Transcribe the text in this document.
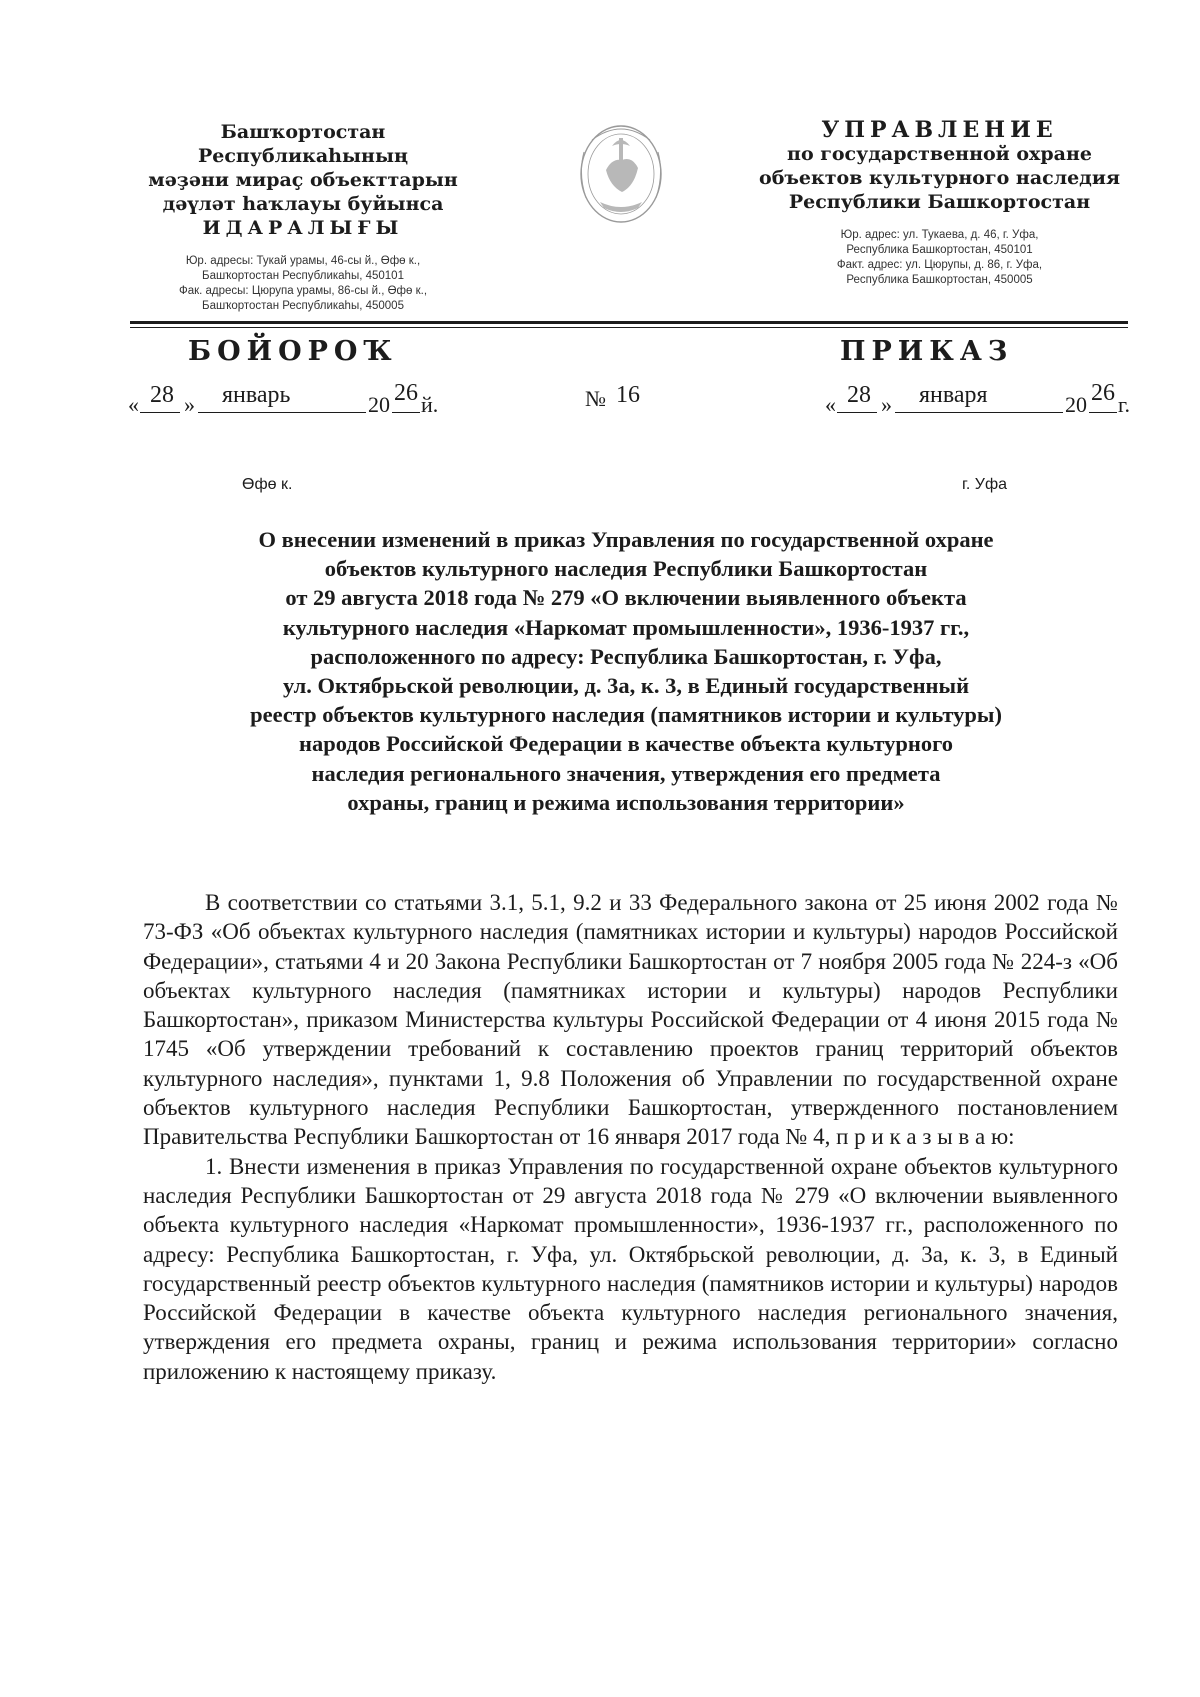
Башҡортостан Республикаһының
мәҙәни мираҫ объекттарын
дәүләт һаҡлауы буйынса
ИДАРАЛЫҒЫ
Юр. адресы: Тукай урамы, 46-сы й., Өфө к.,
Башҡортостан Республикаһы, 450101
Фак. адресы: Цюрупа урамы, 86-сы й., Өфө к.,
Башҡортостан Республикаһы, 450005
УПРАВЛЕНИЕ
по государственной охране
объектов культурного наследия
Республики Башкортостан
Юр. адрес: ул. Тукаева, д. 46, г. Уфа,
Республика Башкортостан, 450101
Факт. адрес: ул. Цюрупы, д. 86, г. Уфа,
Республика Башкортостан, 450005
БОЙОРОҠ	ПРИКАЗ
« 28 » январь	20 26 й.	№ 16	« 28 » января	20 26 г.
Өфө к.	г. Уфа
О внесении изменений в приказ Управления по государственной охране
объектов культурного наследия Республики Башкортостан
от 29 августа 2018 года № 279 «О включении выявленного объекта
культурного наследия «Наркомат промышленности», 1936-1937 гг.,
расположенного по адресу: Республика Башкортостан, г. Уфа,
ул. Октябрьской революции, д. 3а, к. 3, в Единый государственный
реестр объектов культурного наследия (памятников истории и культуры)
народов Российской Федерации в качестве объекта культурного
наследия регионального значения, утверждения его предмета
охраны, границ и режима использования территории»

В соответствии со статьями 3.1, 5.1, 9.2 и 33 Федерального закона от 25 июня 2002 года № 73-ФЗ «Об объектах культурного наследия (памятниках истории и культуры) народов Российской Федерации», статьями 4 и 20 Закона Республики Башкортостан от 7 ноября 2005 года № 224-з «Об объектах культурного наследия (памятниках истории и культуры) народов Республики Башкортостан», приказом Министерства культуры Российской Федерации от 4 июня 2015 года № 1745 «Об утверждении требований к составлению проектов границ территорий объектов культурного наследия», пунктами 1, 9.8 Положения об Управлении по государственной охране объектов культурного наследия Республики Башкортостан, утвержденного постановлением Правительства Республики Башкортостан от 16 января 2017 года № 4, п р и к а з ы в а ю:

1. Внести изменения в приказ Управления по государственной охране объектов культурного наследия Республики Башкортостан от 29 августа 2018 года № 279 «О включении выявленного объекта культурного наследия «Наркомат промышленности», 1936-1937 гг., расположенного по адресу: Республика Башкортостан, г. Уфа, ул. Октябрьской революции, д. 3а, к. 3, в Единый государственный реестр объектов культурного наследия (памятников истории и культуры) народов Российской Федерации в качестве объекта культурного наследия регионального значения, утверждения его предмета охраны, границ и режима использования территории» согласно приложению к настоящему приказу.
